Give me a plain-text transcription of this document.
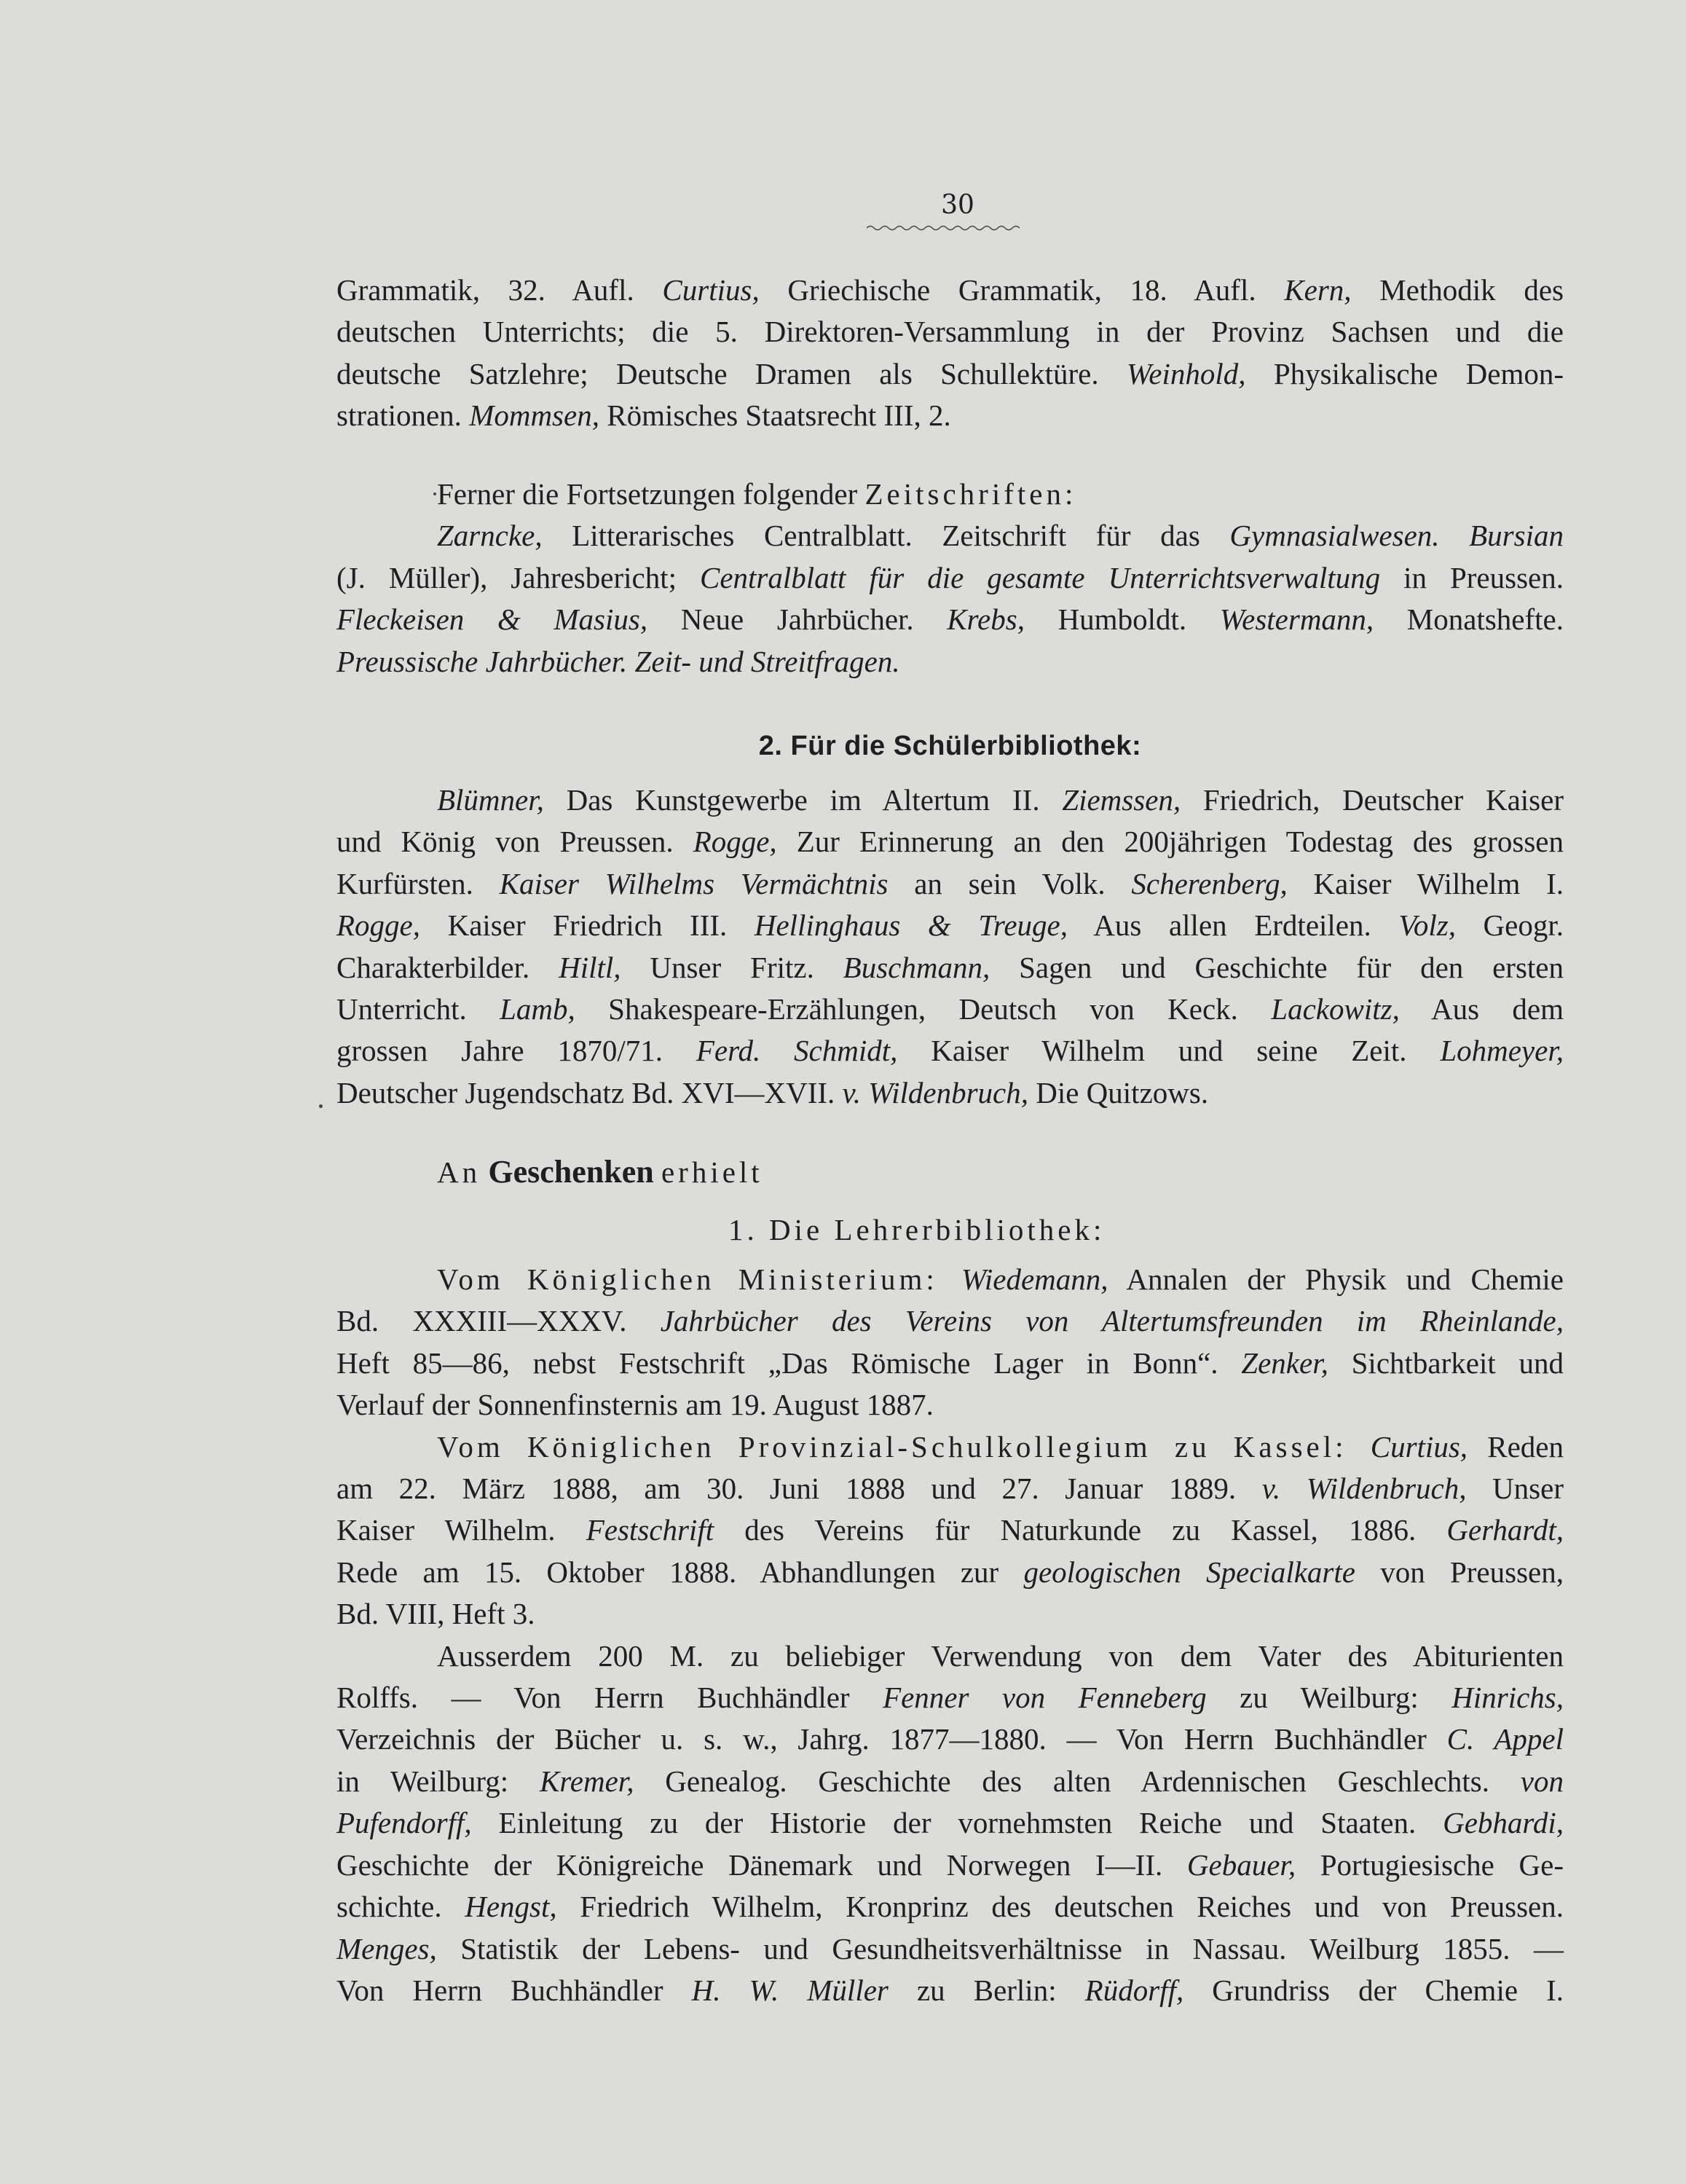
30
Grammatik, 32. Aufl. Curtius, Griechische Grammatik, 18. Aufl. Kern, Methodik des
deutschen Unterrichts; die 5. Direktoren-Versammlung in der Provinz Sachsen und die
deutsche Satzlehre; Deutsche Dramen als Schullektüre. Weinhold, Physikalische Demon-
strationen. Mommsen, Römisches Staatsrecht III, 2.
Ferner die Fortsetzungen folgender Zeitschriften:
Zarncke, Litterarisches Centralblatt. Zeitschrift für das Gymnasialwesen. Bursian
(J. Müller), Jahresbericht; Centralblatt für die gesamte Unterrichtsverwaltung in Preussen.
Fleckeisen & Masius, Neue Jahrbücher. Krebs, Humboldt. Westermann, Monatshefte.
Preussische Jahrbücher. Zeit- und Streitfragen.
2. Für die Schülerbibliothek:
Blümner, Das Kunstgewerbe im Altertum II. Ziemssen, Friedrich, Deutscher Kaiser
und König von Preussen. Rogge, Zur Erinnerung an den 200jährigen Todestag des grossen
Kurfürsten. Kaiser Wilhelms Vermächtnis an sein Volk. Scherenberg, Kaiser Wilhelm I.
Rogge, Kaiser Friedrich III. Hellinghaus & Treuge, Aus allen Erdteilen. Volz, Geogr.
Charakterbilder. Hiltl, Unser Fritz. Buschmann, Sagen und Geschichte für den ersten
Unterricht. Lamb, Shakespeare-Erzählungen, Deutsch von Keck. Lackowitz, Aus dem
grossen Jahre 1870/71. Ferd. Schmidt, Kaiser Wilhelm und seine Zeit. Lohmeyer,
Deutscher Jugendschatz Bd. XVI—XVII. v. Wildenbruch, Die Quitzows.
An Geschenken erhielt
1. Die Lehrerbibliothek:
Vom Königlichen Ministerium: Wiedemann, Annalen der Physik und Chemie
Bd. XXXIII—XXXV. Jahrbücher des Vereins von Altertumsfreunden im Rheinlande,
Heft 85—86, nebst Festschrift „Das Römische Lager in Bonn“. Zenker, Sichtbarkeit und
Verlauf der Sonnenfinsternis am 19. August 1887.
Vom Königlichen Provinzial-Schulkollegium zu Kassel: Curtius, Reden
am 22. März 1888, am 30. Juni 1888 und 27. Januar 1889. v. Wildenbruch, Unser
Kaiser Wilhelm. Festschrift des Vereins für Naturkunde zu Kassel, 1886. Gerhardt,
Rede am 15. Oktober 1888. Abhandlungen zur geologischen Specialkarte von Preussen,
Bd. VIII, Heft 3.
Ausserdem 200 M. zu beliebiger Verwendung von dem Vater des Abiturienten
Rolffs. — Von Herrn Buchhändler Fenner von Fenneberg zu Weilburg: Hinrichs,
Verzeichnis der Bücher u. s. w., Jahrg. 1877—1880. — Von Herrn Buchhändler C. Appel
in Weilburg: Kremer, Genealog. Geschichte des alten Ardennischen Geschlechts. von
Pufendorff, Einleitung zu der Historie der vornehmsten Reiche und Staaten. Gebhardi,
Geschichte der Königreiche Dänemark und Norwegen I—II. Gebauer, Portugiesische Ge-
schichte. Hengst, Friedrich Wilhelm, Kronprinz des deutschen Reiches und von Preussen.
Menges, Statistik der Lebens- und Gesundheitsverhältnisse in Nassau. Weilburg 1855. —
Von Herrn Buchhändler H. W. Müller zu Berlin: Rüdorff, Grundriss der Chemie I.
